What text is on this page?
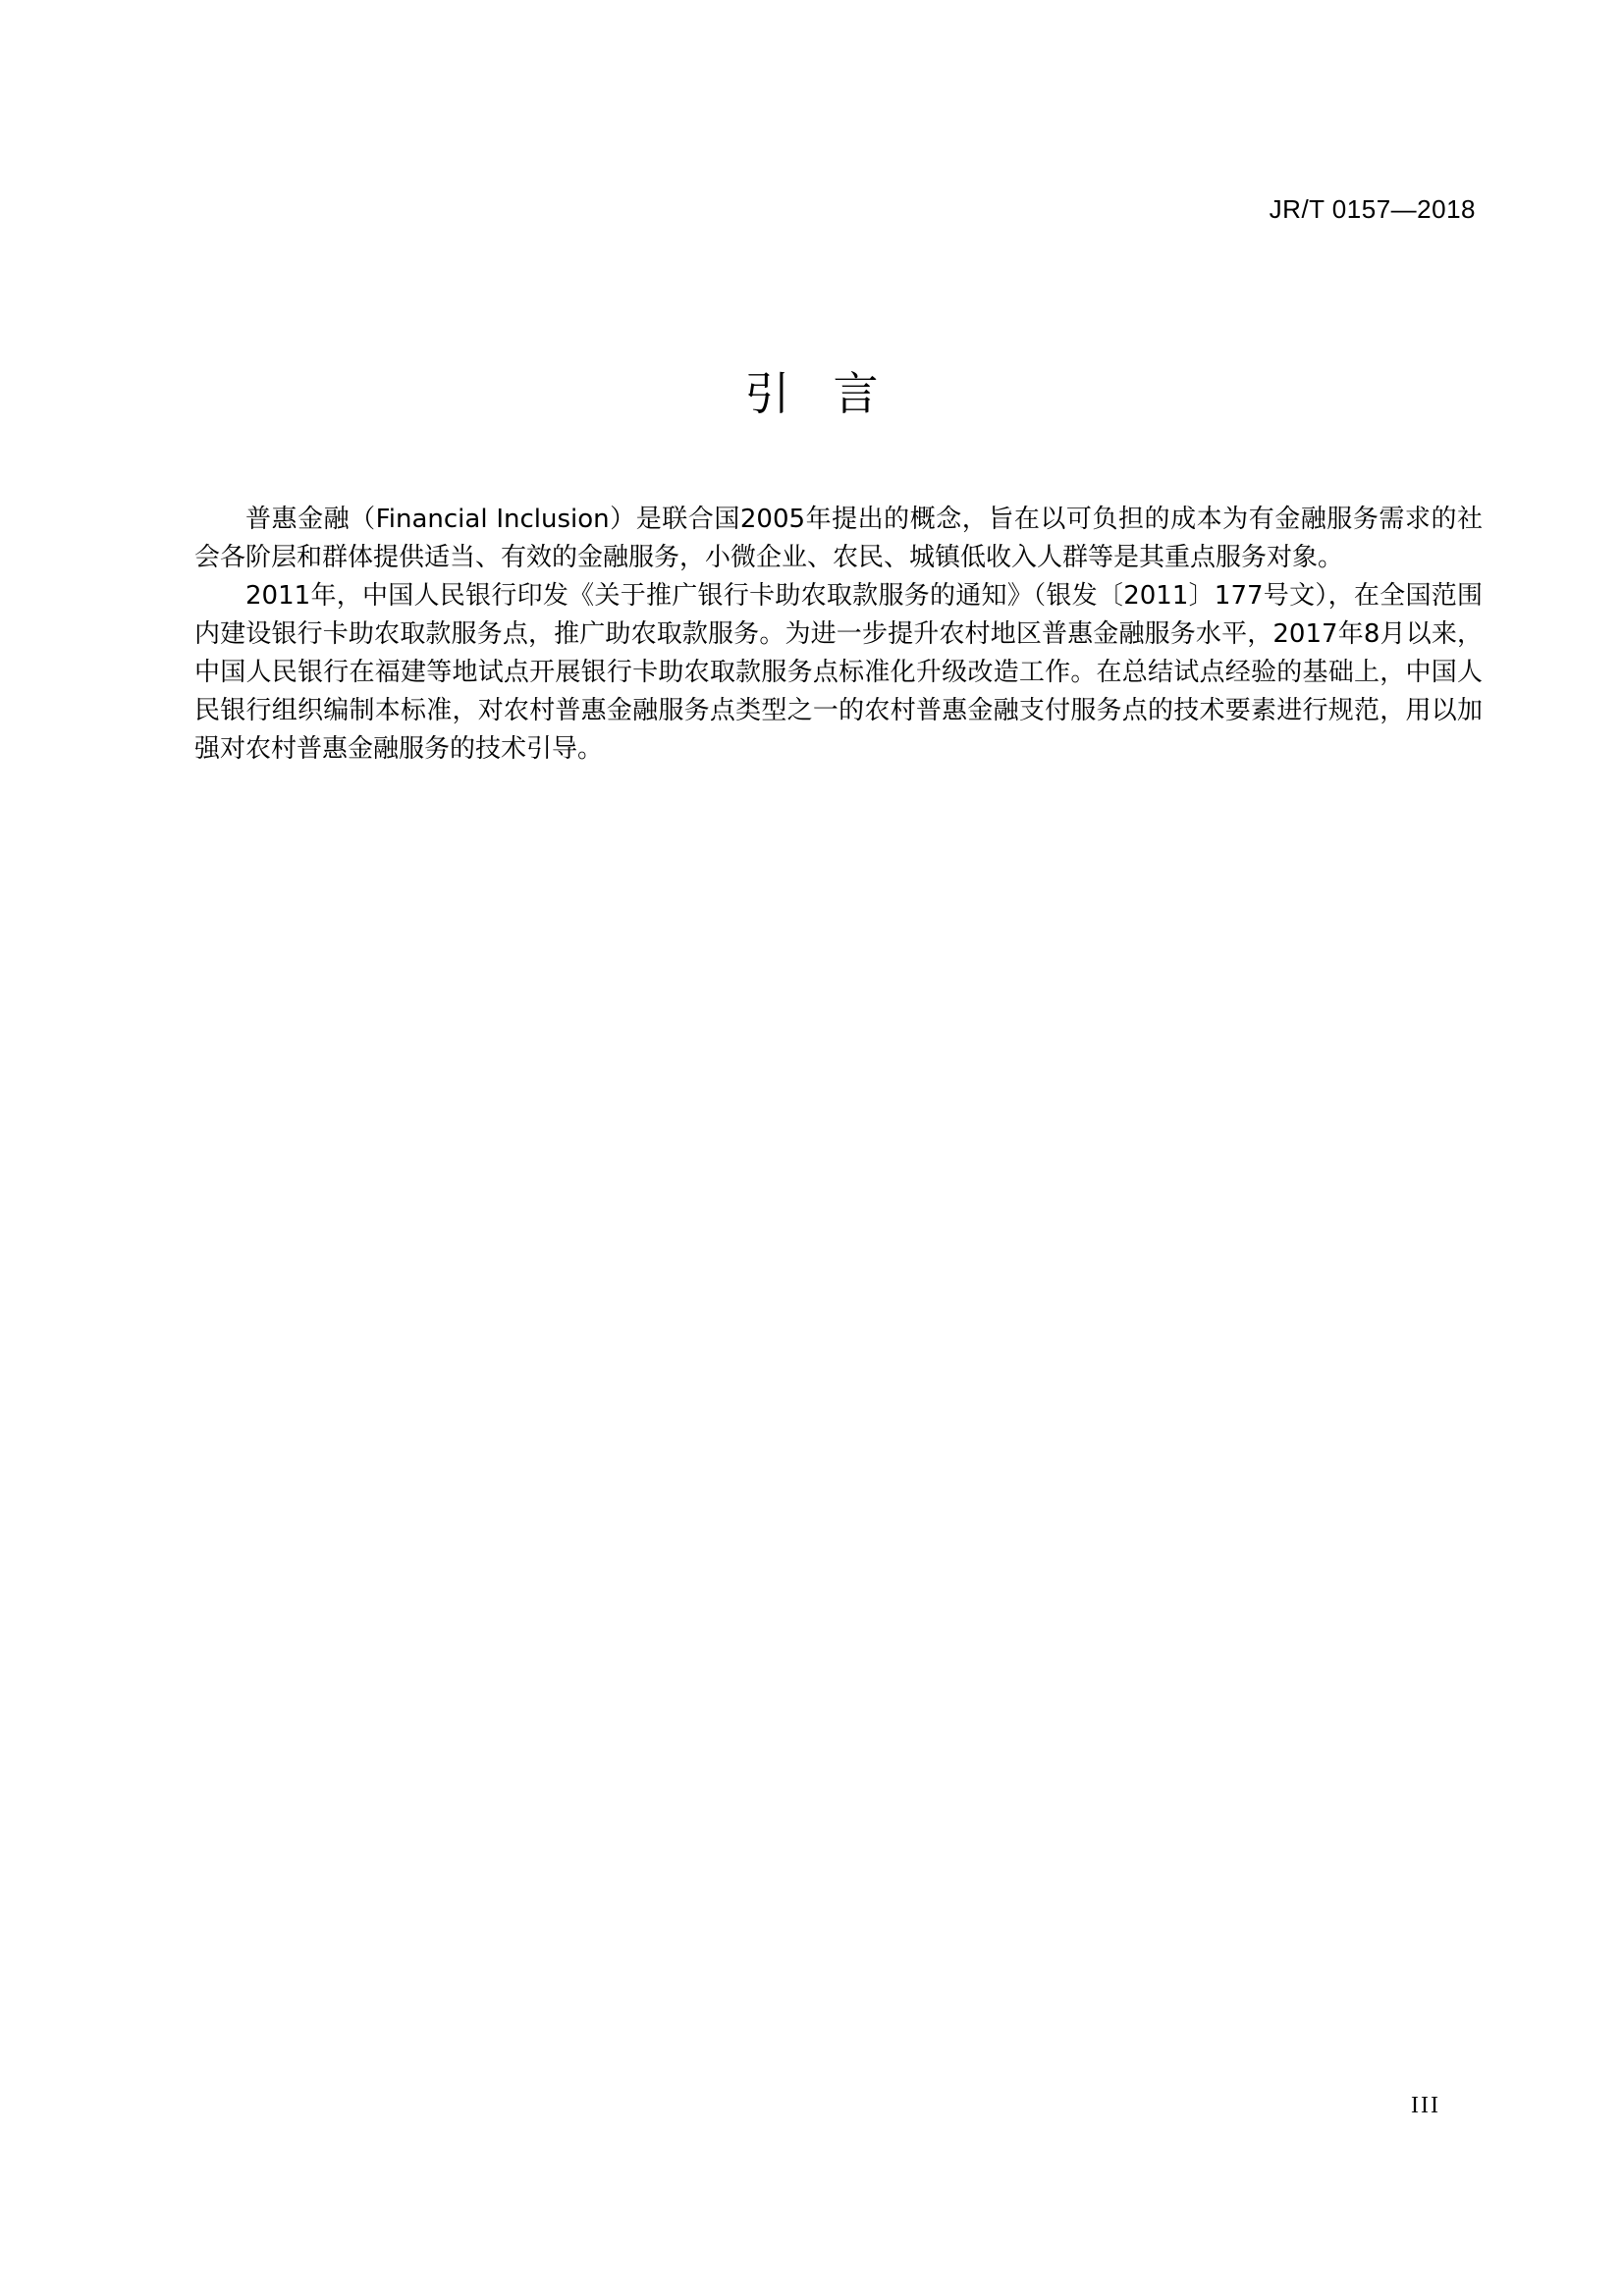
JR/T 0157—2018
引言

普惠金融（Financial Inclusion）是联合国2005年提出的概念，旨在以可负担的成本为有金融服务需求的社会各阶层和群体提供适当、有效的金融服务，小微企业、农民、城镇低收入人群等是其重点服务对象。

2011年，中国人民银行印发《关于推广银行卡助农取款服务的通知》（银发〔2011〕177号文），在全国范围内建设银行卡助农取款服务点，推广助农取款服务。为进一步提升农村地区普惠金融服务水平，2017年8月以来，中国人民银行在福建等地试点开展银行卡助农取款服务点标准化升级改造工作。在总结试点经验的基础上，中国人民银行组织编制本标准，对农村普惠金融服务点类型之一的农村普惠金融支付服务点的技术要素进行规范，用以加强对农村普惠金融服务的技术引导。

III
